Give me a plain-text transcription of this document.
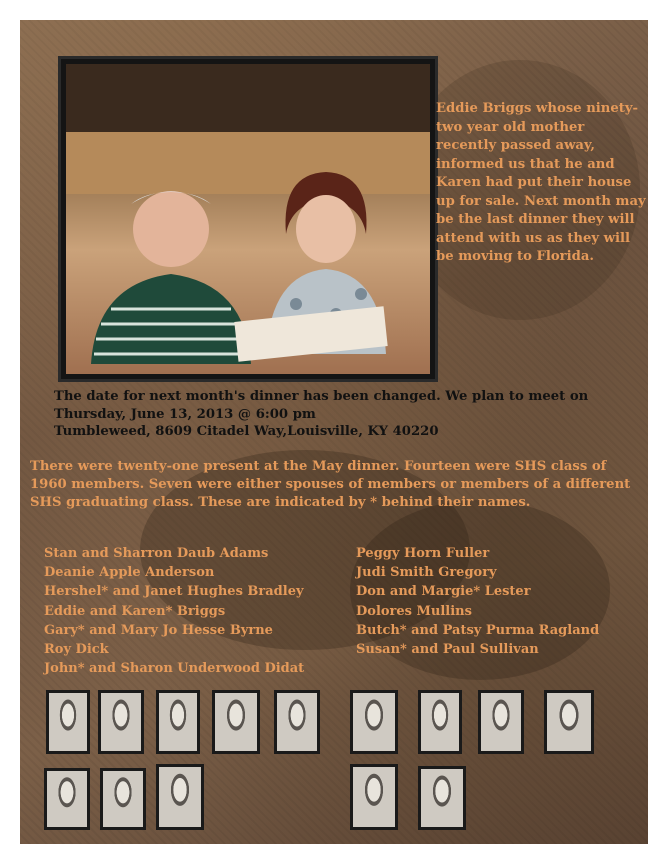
Eddie Briggs whose ninety-two year old mother recently passed away, informed us that he and Karen had put their house up for sale. Next month may be the last dinner they will attend with us as they will be moving to Florida.
The date for next month's dinner has been changed. We plan to meet on
Thursday, June 13, 2013 @ 6:00 pm
Tumbleweed, 8609 Citadel Way,Louisville, KY 40220
There were twenty-one present at the May dinner. Fourteen were SHS class of 1960 members. Seven were either spouses of members or members of a different SHS graduating class. These are indicated by * behind their names.
Stan and Sharron Daub Adams
Deanie Apple Anderson
Hershel* and Janet Hughes Bradley
Eddie and Karen* Briggs
Gary* and Mary Jo Hesse Byrne
Roy Dick
John* and Sharon Underwood Didat
Peggy Horn Fuller
Judi Smith Gregory
Don and Margie* Lester
Dolores Mullins
Butch* and Patsy Purma Ragland
Susan* and Paul Sullivan
